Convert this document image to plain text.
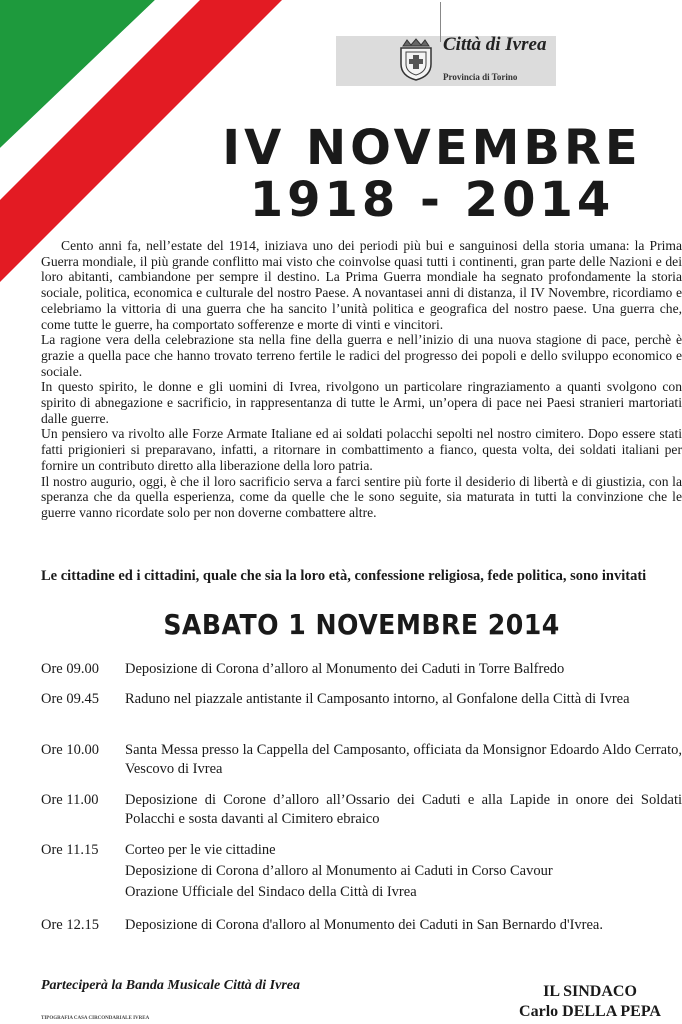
Città di Ivrea
Provincia di Torino
IV NOVEMBRE
1918 - 2014

Cento anni fa, nell’estate del 1914, iniziava uno dei periodi più bui e sanguinosi della storia umana: la Prima Guerra mondiale, il più grande conflitto mai visto che coinvolse quasi tutti i continenti, gran parte delle Nazioni e dei loro abitanti, cambiandone per sempre il destino. La Prima Guerra mondiale ha segnato profondamente la storia sociale, politica, economica e culturale del nostro Paese. A novantasei anni di distanza, il IV Novembre, ricordiamo e celebriamo la vittoria di una guerra che ha sancito l’unità politica e geografica del nostro paese. Una guerra che, come tutte le guerre, ha comportato sofferenze e morte di vinti e vincitori.

La ragione vera della celebrazione sta nella fine della guerra e nell’inizio di una nuova stagione di pace, perchè è grazie a quella pace che hanno trovato terreno fertile le radici del progresso dei popoli e dello sviluppo economico e sociale.

In questo spirito, le donne e gli uomini di Ivrea, rivolgono un particolare ringraziamento a quanti svolgono con spirito di abnegazione e sacrificio, in rappresentanza di tutte le Armi, un’opera di pace nei Paesi stranieri martoriati dalle guerre.

Un pensiero va rivolto alle Forze Armate Italiane ed ai soldati polacchi sepolti nel nostro cimitero. Dopo essere stati fatti prigionieri si preparavano, infatti, a ritornare in combattimento a fianco, questa volta, dei soldati italiani per fornire un contributo diretto alla liberazione della loro patria.

Il nostro augurio, oggi, è che il loro sacrificio serva a farci sentire più forte il desiderio di libertà e di giustizia, con la speranza che da quella esperienza, come da quelle che le sono seguite, sia maturata in tutti la convinzione che le guerre vanno ricordate solo per non doverne combattere altre.

Le cittadine ed i cittadini, quale che sia la loro età, confessione religiosa, fede politica, sono invitati
SABATO 1 NOVEMBRE 2014
Ore 09.00	Deposizione di Corona d’alloro al Monumento dei Caduti in Torre Balfredo
Ore 09.45	Raduno nel piazzale antistante il Camposanto intorno, al Gonfalone della Città di Ivrea
Ore 10.00	Santa Messa presso la Cappella del Camposanto, officiata da Monsignor Edoardo Aldo Cerrato, Vescovo di Ivrea
Ore 11.00	Deposizione di Corone d’alloro all’Ossario dei Caduti e alla Lapide in onore dei Soldati Polacchi e sosta davanti al Cimitero ebraico
Ore 11.15	Corteo per le vie cittadine
Deposizione di Corona d’alloro al Monumento ai Caduti in Corso Cavour
Orazione Ufficiale del Sindaco della Città di Ivrea
Ore 12.15	Deposizione di Corona d'alloro al Monumento dei Caduti in San Bernardo d'Ivrea.
Parteciperà la Banda Musicale Città di Ivrea
TIPOGRAFIA CASA CIRCONDARIALE IVREA
IL SINDACO
Carlo DELLA PEPA
